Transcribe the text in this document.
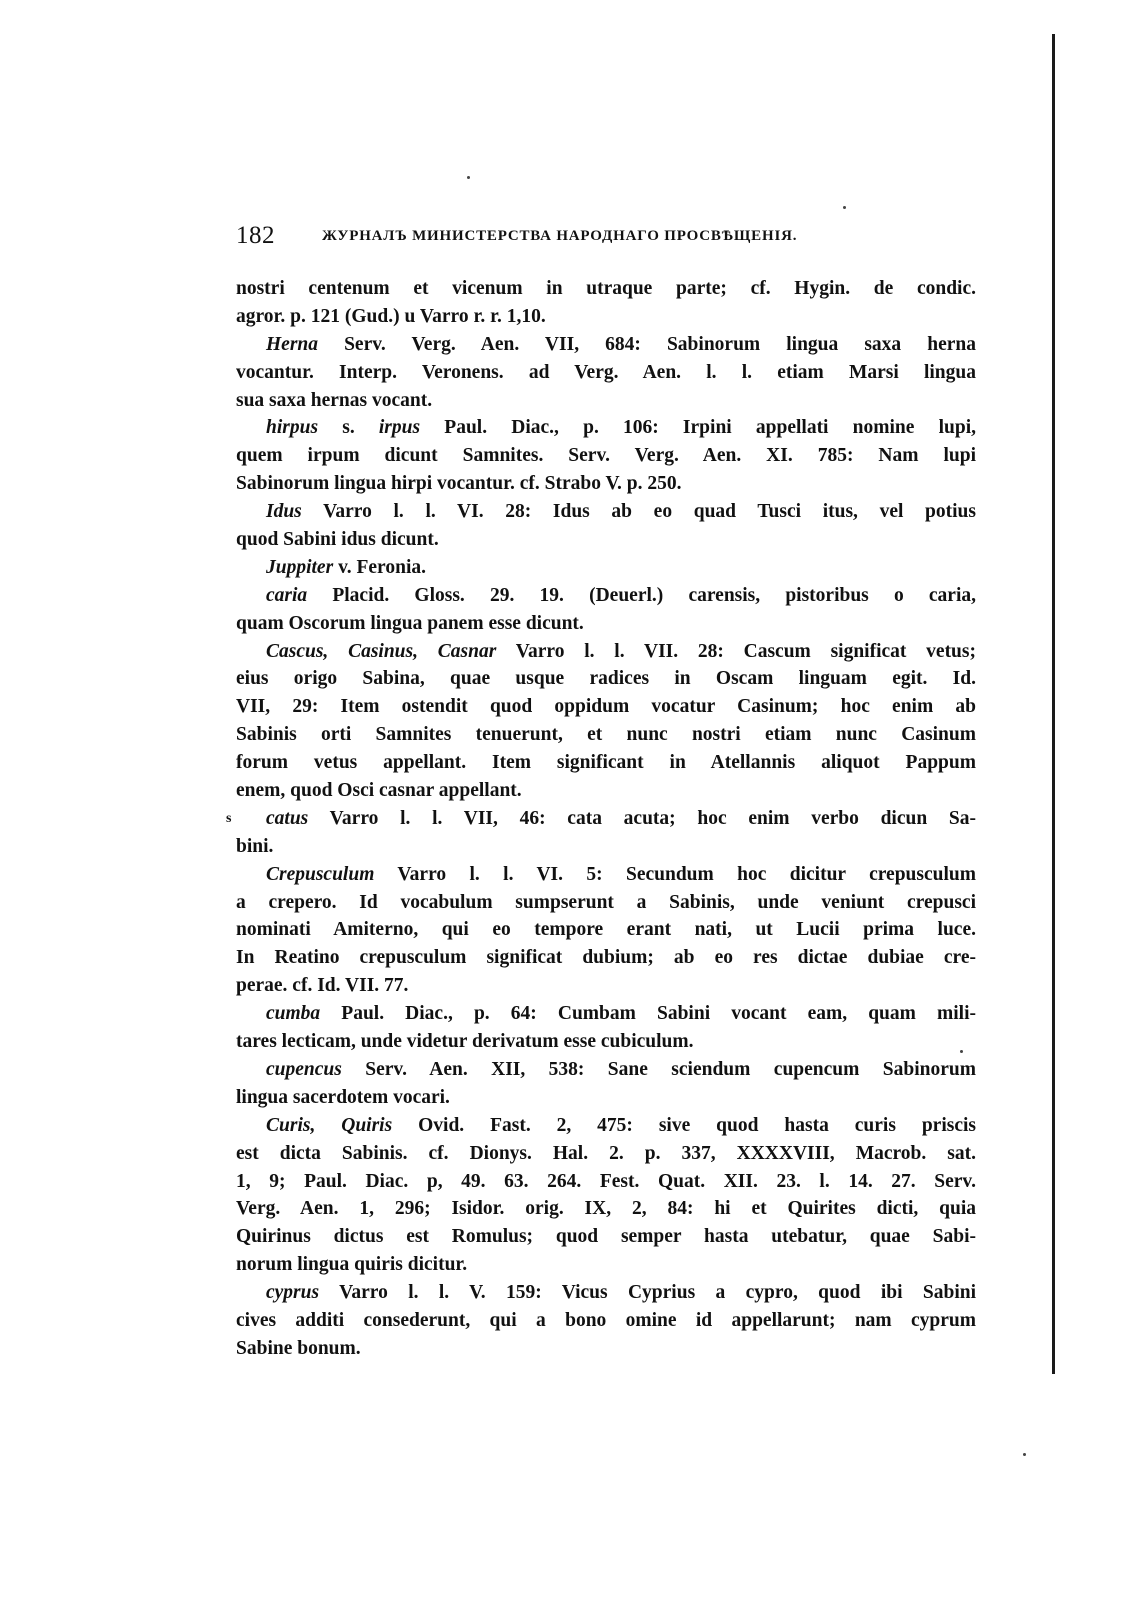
182	ЖУРНАЛЪ МИНИСТЕРСТВА НАРОДНАГО ПРОСВѢЩЕНІЯ.
s
nostri centenum et vicenum in utraque parte; cf. Hygin. de condic.
agror. p. 121 (Gud.) u Varro r. r. 1,10.
Herna Serv. Verg. Aen. VII, 684: Sabinorum lingua saxa herna
vocantur. Interp. Veronens. ad Verg. Aen. l. l. etiam Marsi lingua
sua saxa hernas vocant.
hirpus s. irpus Paul. Diac., p. 106: Irpini appellati nomine lupi,
quem irpum dicunt Samnites. Serv. Verg. Aen. XI. 785: Nam lupi
Sabinorum lingua hirpi vocantur. cf. Strabo V. p. 250.
Idus Varro l. l. VI. 28: Idus ab eo quad Tusci itus, vel potius
quod Sabini idus dicunt.
Juppiter v. Feronia.
caria Placid. Gloss. 29. 19. (Deuerl.) carensis, pistoribus o caria,
quam Oscorum lingua panem esse dicunt.
Cascus, Casinus, Casnar Varro l. l. VII. 28: Cascum significat vetus;
eius origo Sabina, quae usque radices in Oscam linguam egit. Id.
VII, 29: Item ostendit quod oppidum vocatur Casinum; hoc enim ab
Sabinis orti Samnites tenuerunt, et nunc nostri etiam nunc Casinum
forum vetus appellant. Item significant in Atellannis aliquot Pappum
enem, quod Osci casnar appellant.
catus Varro l. l. VII, 46: cata acuta; hoc enim verbo dicun Sa-
bini.
Crepusculum Varro l. l. VI. 5: Secundum hoc dicitur crepusculum
a crepero. Id vocabulum sumpserunt a Sabinis, unde veniunt crepusci
nominati Amiterno, qui eo tempore erant nati, ut Lucii prima luce.
In Reatino crepusculum significat dubium; ab eo res dictae dubiae cre-
perae. cf. Id. VII. 77.
cumba Paul. Diac., p. 64: Cumbam Sabini vocant eam, quam mili-
tares lecticam, unde videtur derivatum esse cubiculum.
cupencus Serv. Aen. XII, 538: Sane sciendum cupencum Sabinorum
lingua sacerdotem vocari.
Curis, Quiris Ovid. Fast. 2, 475: sive quod hasta curis priscis
est dicta Sabinis. cf. Dionys. Hal. 2. p. 337, XXXXVIII, Macrob. sat.
1, 9; Paul. Diac. p, 49. 63. 264. Fest. Quat. XII. 23. l. 14. 27. Serv.
Verg. Aen. 1, 296; Isidor. orig. IX, 2, 84: hi et Quirites dicti, quia
Quirinus dictus est Romulus; quod semper hasta utebatur, quae Sabi-
norum lingua quiris dicitur.
cyprus Varro l. l. V. 159: Vicus Cyprius a cypro, quod ibi Sabini
cives additi consederunt, qui a bono omine id appellarunt; nam cyprum
Sabine bonum.
